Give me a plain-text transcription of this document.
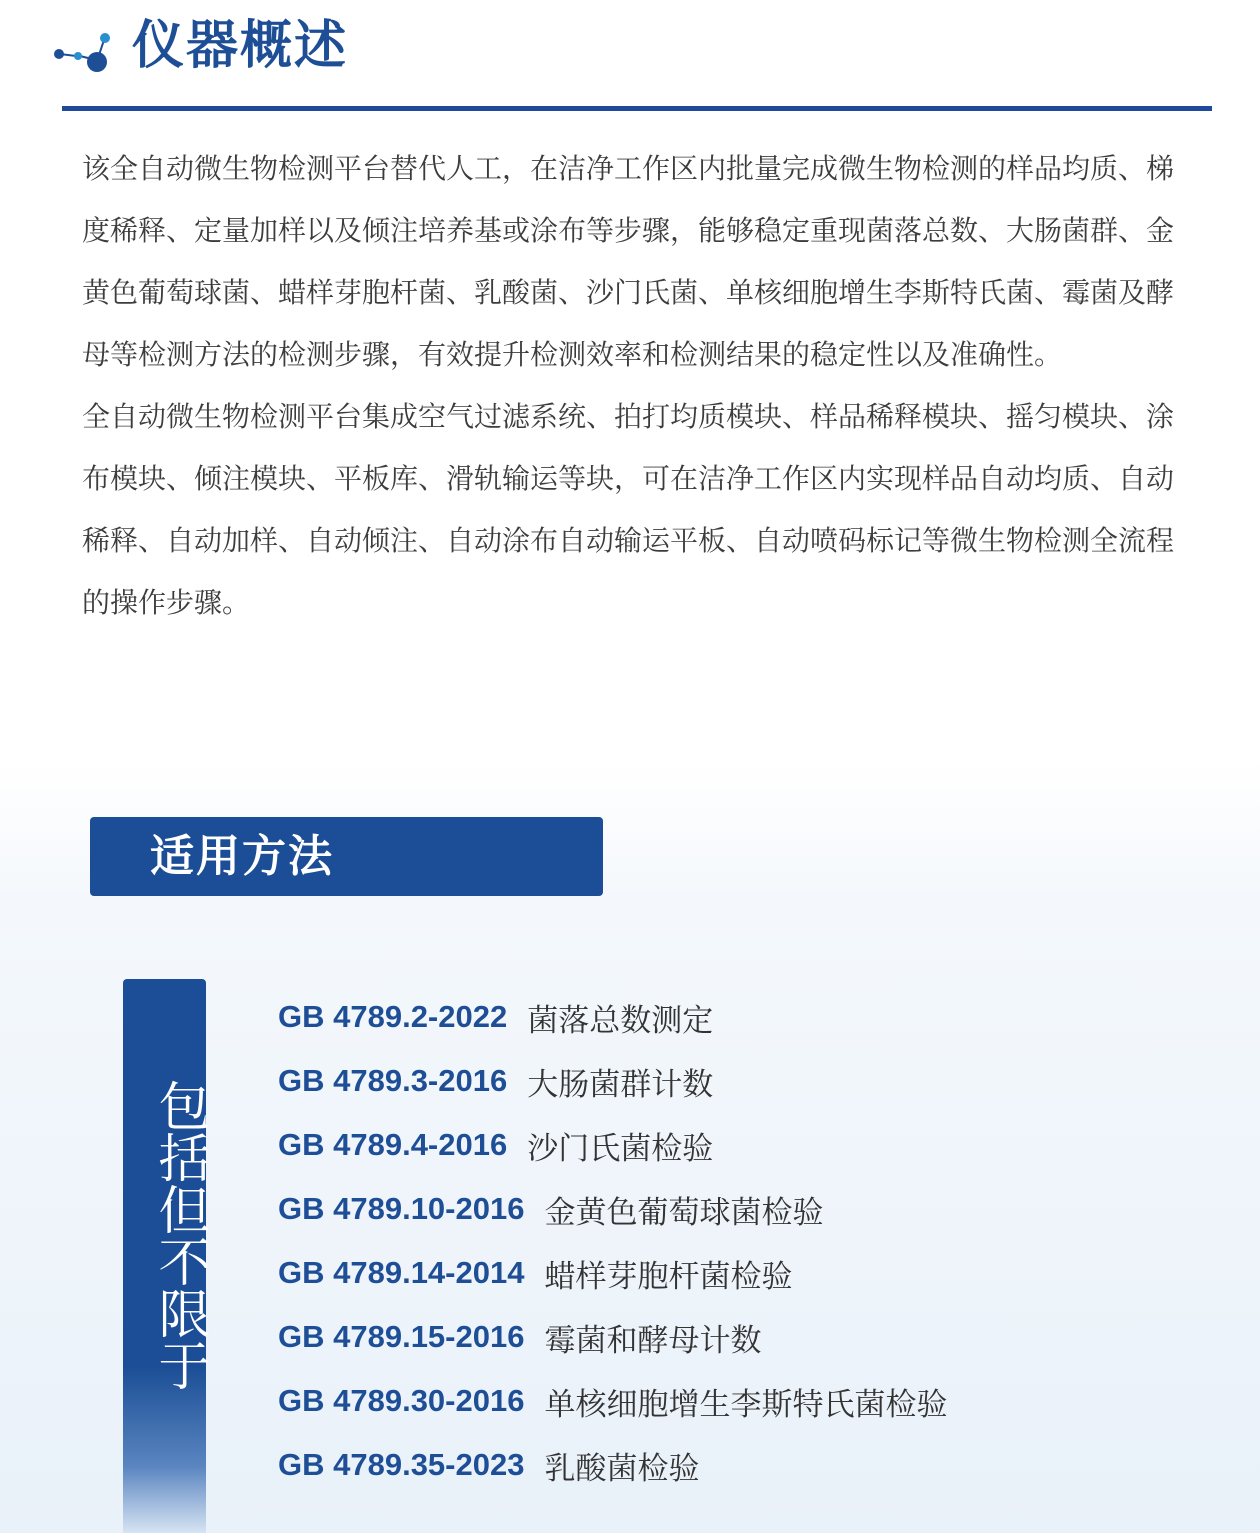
仪器概述

该全自动微生物检测平台替代人工，在洁净工作区内批量完成微生物检测的样品均质、梯度稀释、定量加样以及倾注培养基或涂布等步骤，能够稳定重现菌落总数、大肠菌群、金黄色葡萄球菌、蜡样芽胞杆菌、乳酸菌、沙门氏菌、单核细胞增生李斯特氏菌、霉菌及酵母等检测方法的检测步骤，有效提升检测效率和检测结果的稳定性以及准确性。

全自动微生物检测平台集成空气过滤系统、拍打均质模块、样品稀释模块、摇匀模块、涂布模块、倾注模块、平板库、滑轨输运等块，可在洁净工作区内实现样品自动均质、自动稀释、自动加样、自动倾注、自动涂布自动输运平板、自动喷码标记等微生物检测全流程的操作步骤。

适用方法
包括但不限于
GB 4789.2-2022 菌落总数测定
GB 4789.3-2016 大肠菌群计数
GB 4789.4-2016 沙门氏菌检验
GB 4789.10-2016 金黄色葡萄球菌检验
GB 4789.14-2014 蜡样芽胞杆菌检验
GB 4789.15-2016 霉菌和酵母计数
GB 4789.30-2016 单核细胞增生李斯特氏菌检验
GB 4789.35-2023 乳酸菌检验
